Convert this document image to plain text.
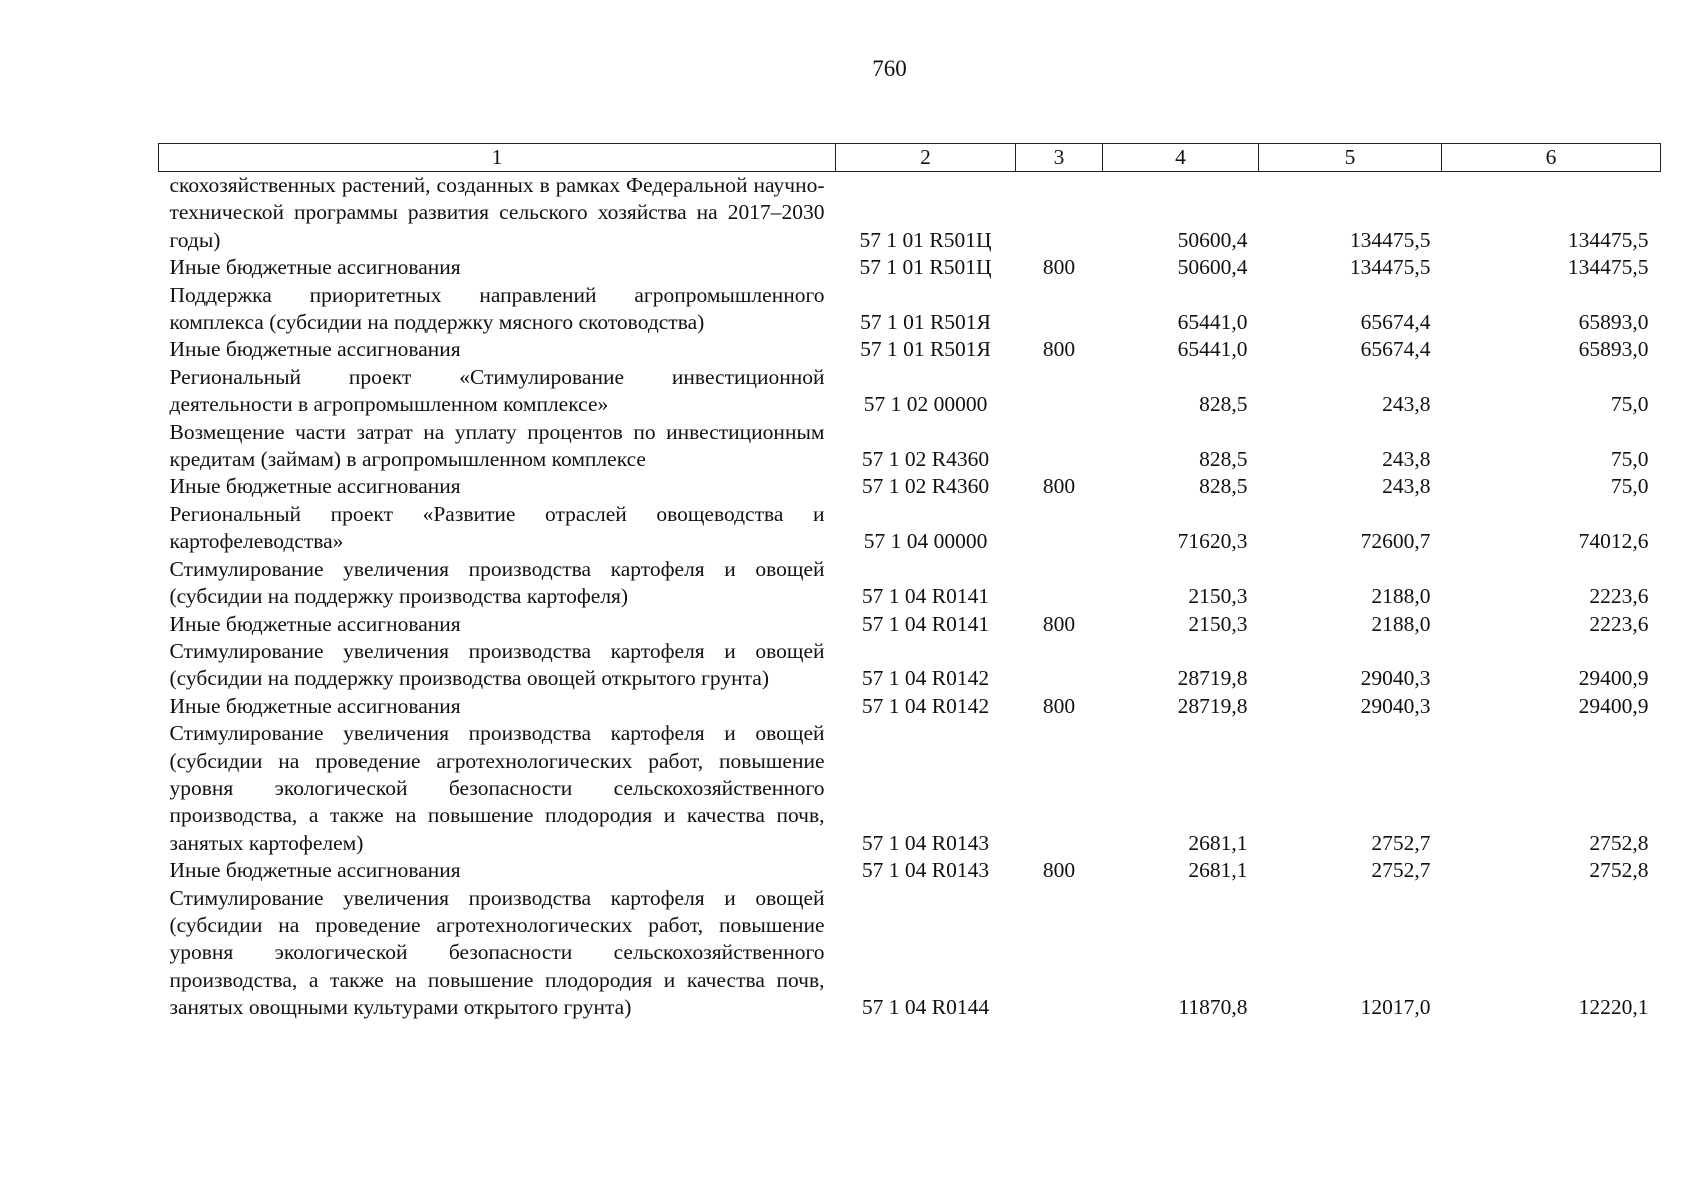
760
1	2	3	4	5	6
скохозяйственных растений, созданных в рамках Федеральной научно-технической программы развития сельского хозяйства на 2017–2030 годы)	57 1 01 R501Ц		50600,4	134475,5	134475,5
Иные бюджетные ассигнования	57 1 01 R501Ц	800	50600,4	134475,5	134475,5
Поддержка приоритетных направлений агропромышленного комплекса (субсидии на поддержку мясного скотоводства)	57 1 01 R501Я		65441,0	65674,4	65893,0
Иные бюджетные ассигнования	57 1 01 R501Я	800	65441,0	65674,4	65893,0
Региональный проект «Стимулирование инвестиционной деятельности в агропромышленном комплексе»	57 1 02 00000		828,5	243,8	75,0
Возмещение части затрат на уплату процентов по инвестиционным кредитам (займам) в агропромышленном комплексе	57 1 02 R4360		828,5	243,8	75,0
Иные бюджетные ассигнования	57 1 02 R4360	800	828,5	243,8	75,0
Региональный проект «Развитие отраслей овощеводства и картофелеводства»	57 1 04 00000		71620,3	72600,7	74012,6
Стимулирование увеличения производства картофеля и овощей (субсидии на поддержку производства картофеля)	57 1 04 R0141		2150,3	2188,0	2223,6
Иные бюджетные ассигнования	57 1 04 R0141	800	2150,3	2188,0	2223,6
Стимулирование увеличения производства картофеля и овощей (субсидии на поддержку производства овощей открытого грунта)	57 1 04 R0142		28719,8	29040,3	29400,9
Иные бюджетные ассигнования	57 1 04 R0142	800	28719,8	29040,3	29400,9
Стимулирование увеличения производства картофеля и овощей (субсидии на проведение агротехнологических работ, повышение уровня экологической безопасности сельскохозяйственного производства, а также на повышение плодородия и качества почв, занятых картофелем)	57 1 04 R0143		2681,1	2752,7	2752,8
Иные бюджетные ассигнования	57 1 04 R0143	800	2681,1	2752,7	2752,8
Стимулирование увеличения производства картофеля и овощей (субсидии на проведение агротехнологических работ, повышение уровня экологической безопасности сельскохозяйственного производства, а также на повышение плодородия и качества почв, занятых овощными культурами открытого грунта)	57 1 04 R0144		11870,8	12017,0	12220,1
